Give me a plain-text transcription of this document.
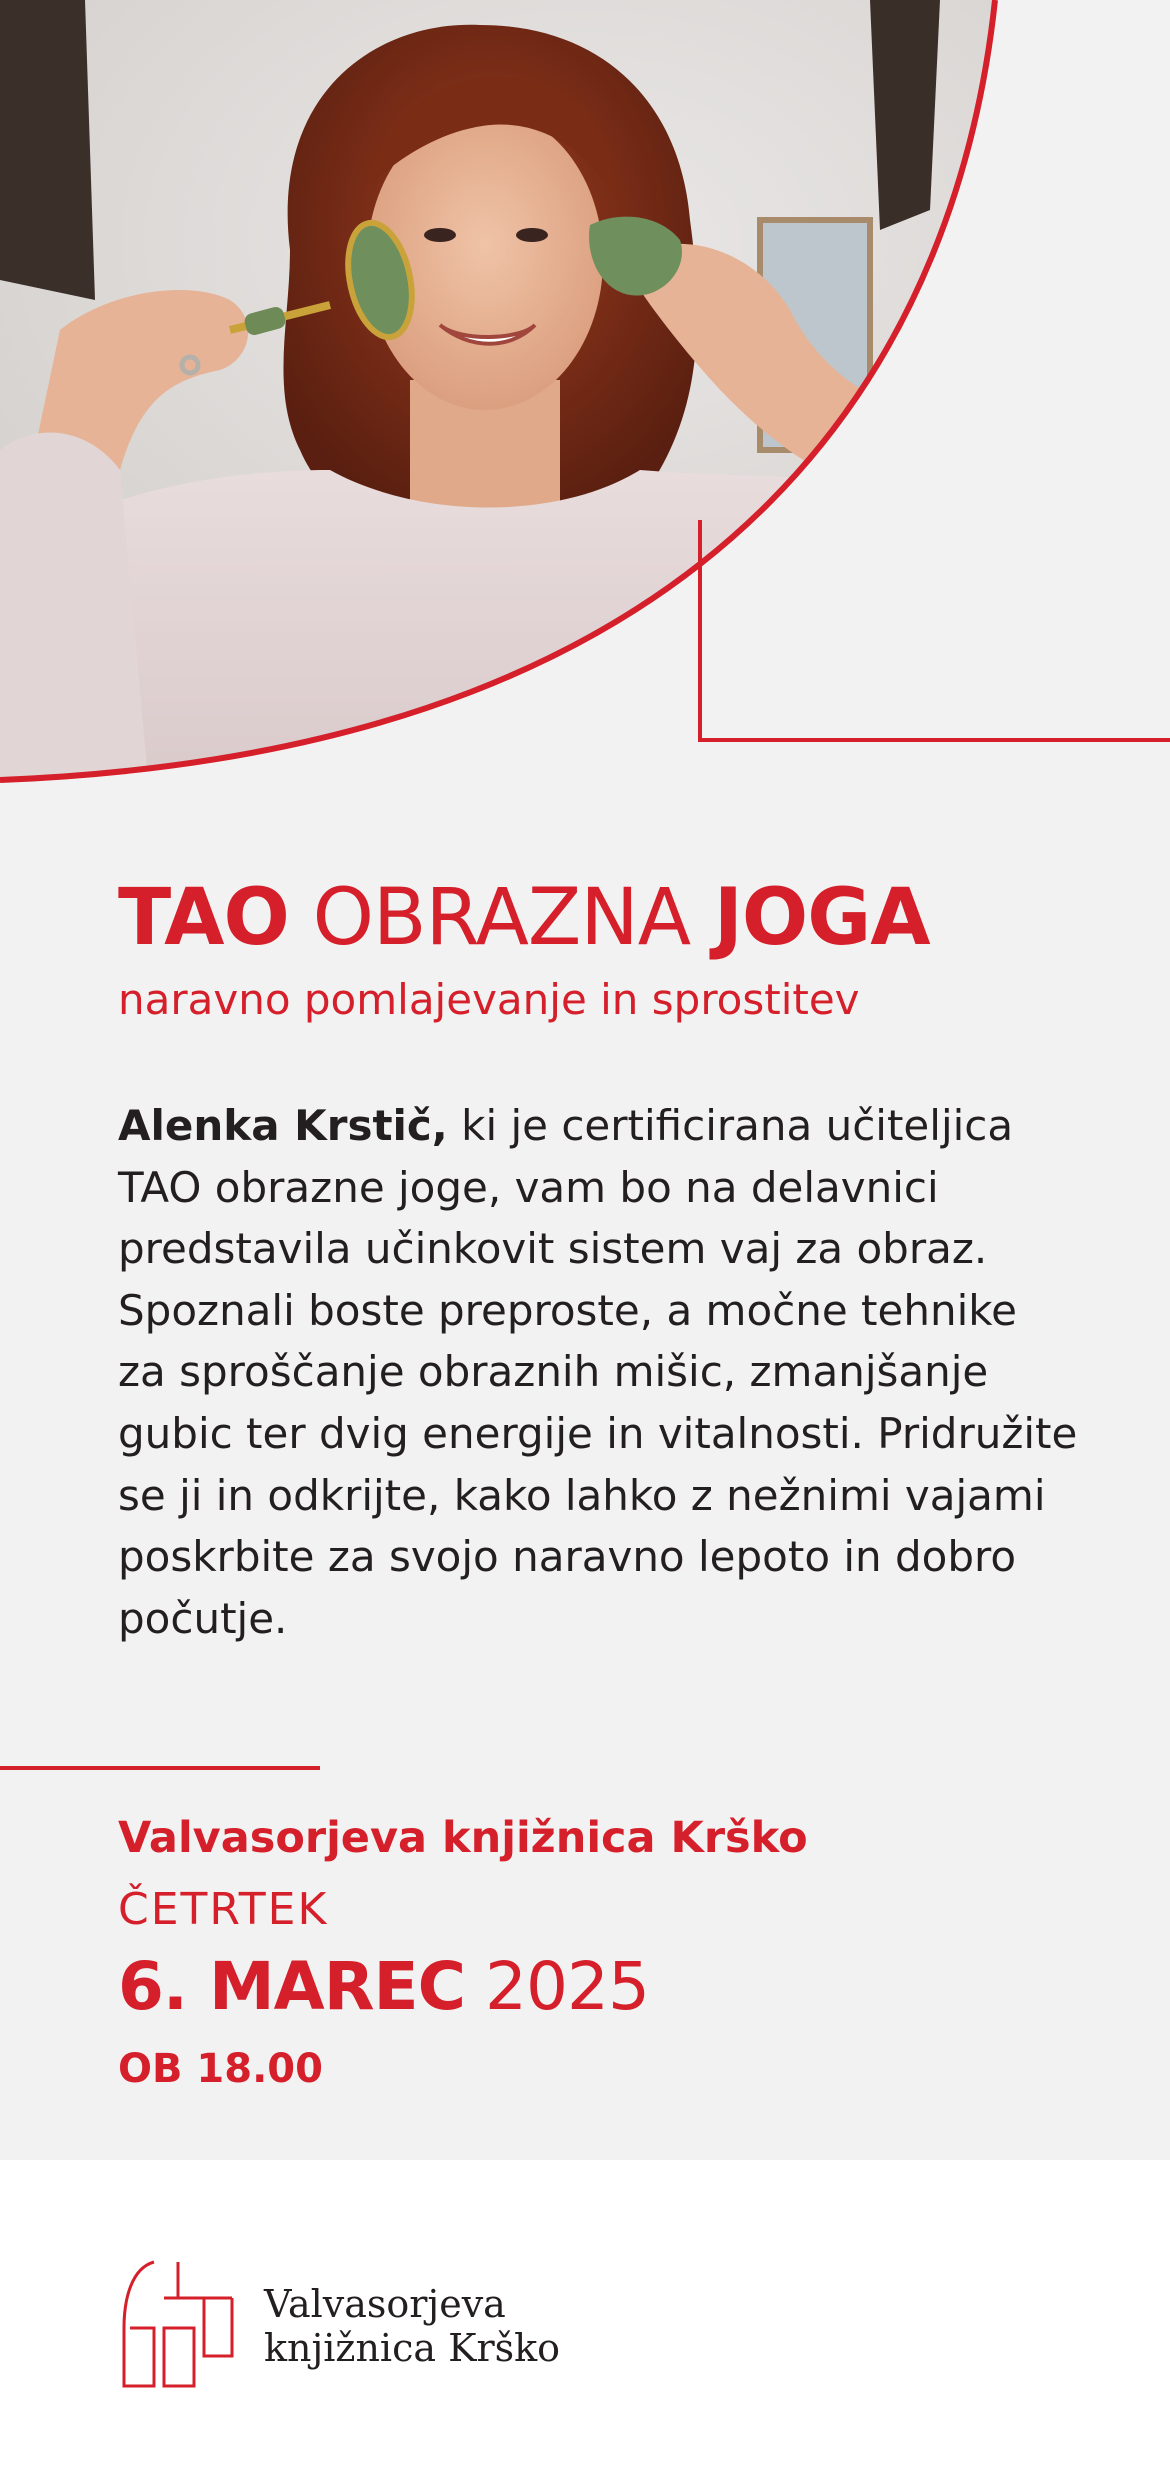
TAO OBRAZNA JOGA
naravno pomlajevanje in sprostitev
Alenka Krstič, ki je certificirana učiteljica TAO obrazne joge, vam bo na delavnici predstavila učinkovit sistem vaj za obraz. Spoznali boste preproste, a močne tehnike za sproščanje obraznih mišic, zmanjšanje gubic ter dvig energije in vitalnosti. Pridružite se ji in odkrijte, kako lahko z nežnimi vajami poskrbite za svojo naravno lepoto in dobro počutje.
Valvasorjeva knjižnica Krško
ČETRTEK
6. MAREC 2025
OB 18.00
Valvasorjeva
knjižnica Krško
